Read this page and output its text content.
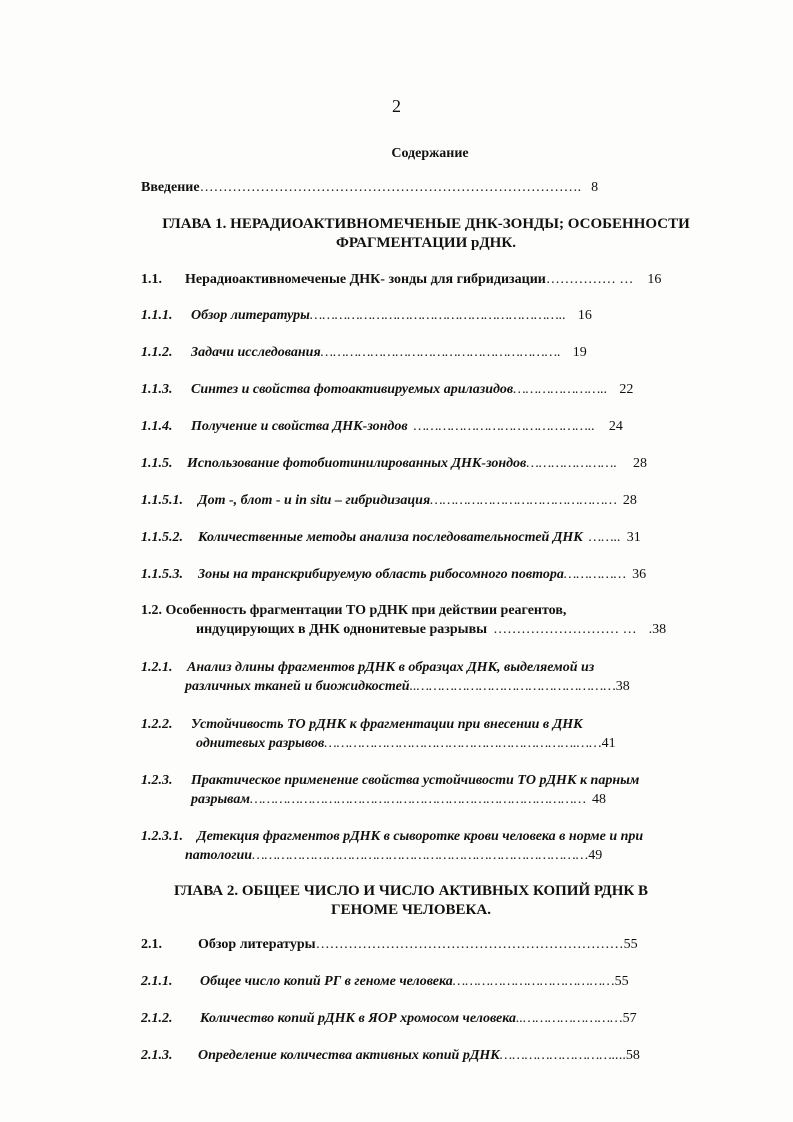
2
Содержание
Введение………………………………………………………………………. 8
ГЛАВА 1. НЕРАДИОАКТИВНОМЕЧЕНЫЕ ДНК-ЗОНДЫ; ОСОБЕННОСТИ
ФРАГМЕНТАЦИИ рДНК.
1.1. Нерадиоактивномеченые ДНК- зонды для гибридизации…………… … 16
1.1.1. Обзор литературы…………………………………………………….. 16
1.1.2. Задачи исследования…………………………………………………. 19
1.1.3. Синтез и свойства фотоактивируемых арилазидов………………….. 22
1.1.4. Получение и свойства ДНК-зондов …………………………………….. 24
1.1.5. Использование фотобиотинилированных ДНК-зондов…………………. 28
1.1.5.1. Дот -, блот - и in situ – гибридизация……………………………………… 28
1.1.5.2. Количественные методы анализа последовательностей ДНК …….. 31
1.1.5.3. Зоны на транскрибируемую область рибосомного повтора…………… 36
1.2. Особенность фрагментации ТО рДНК при действии реагентов,
индуцирующих в ДНК однонитевые разрывы ……………………… … .38
1.2.1. Анализ длины фрагментов рДНК в образцах ДНК, выделяемой из
различных тканей и биожидкостей..…………………………………………38
1.2.2. Устойчивость ТО рДНК к фрагментации при внесении в ДНК
однитевых разрывов…………………………………………………….……41
1.2.3. Практическое применение свойства устойчивости ТО рДНК к парным
разрывам……………………………………………………………………… 48
1.2.3.1. Детекция фрагментов рДНК в сыворотке крови человека в норме и при
патологии………………………………………………………………………49
ГЛАВА 2. ОБЩЕЕ ЧИСЛО И ЧИСЛО АКТИВНЫХ КОПИЙ РДНК В
ГЕНОМЕ ЧЕЛОВЕКА.
2.1.	Обзор литературы…………………………………………………………55
2.1.1. Общее число копий РГ в геноме человека…………………………………55
2.1.2. Количество копий рДНК в ЯОР хромосом человека..……………………57
2.1.3. Определение количества активных копий рДНК………………………....58
